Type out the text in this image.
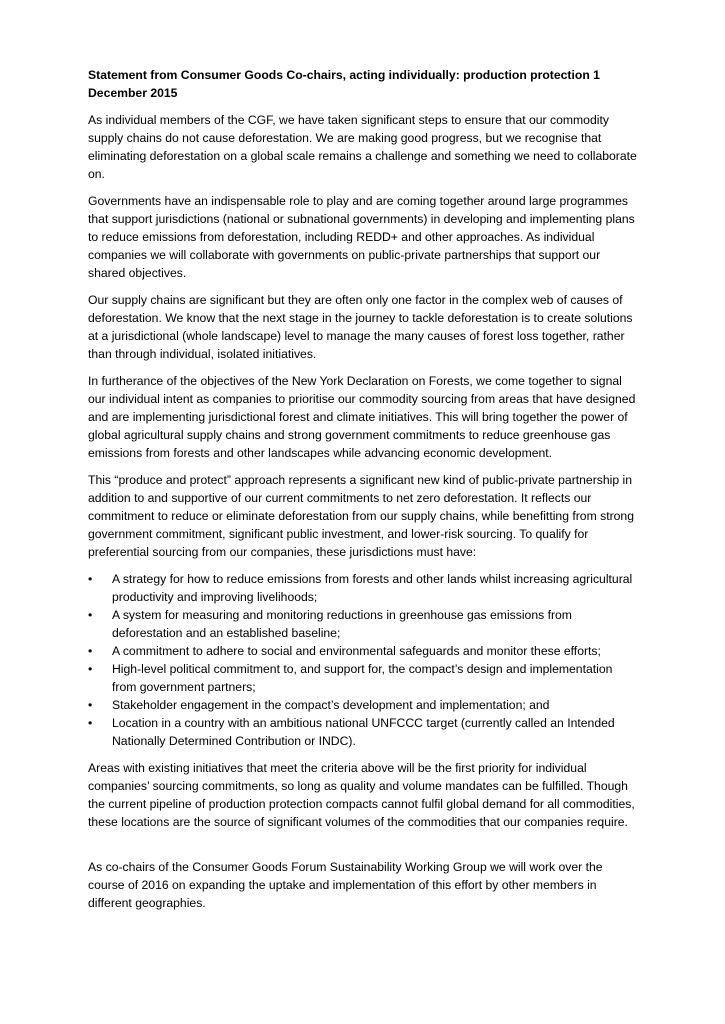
Statement from Consumer Goods Co-chairs, acting individually: production protection 1 December 2015

As individual members of the CGF, we have taken significant steps to ensure that our commodity supply chains do not cause deforestation. We are making good progress, but we recognise that eliminating deforestation on a global scale remains a challenge and something we need to collaborate on.

Governments have an indispensable role to play and are coming together around large programmes that support jurisdictions (national or subnational governments) in developing and implementing plans to reduce emissions from deforestation, including REDD+ and other approaches. As individual companies we will collaborate with governments on public-private partnerships that support our shared objectives.

Our supply chains are significant but they are often only one factor in the complex web of causes of deforestation. We know that the next stage in the journey to tackle deforestation is to create solutions at a jurisdictional (whole landscape) level to manage the many causes of forest loss together, rather than through individual, isolated initiatives.

In furtherance of the objectives of the New York Declaration on Forests, we come together to signal our individual intent as companies to prioritise our commodity sourcing from areas that have designed and are implementing jurisdictional forest and climate initiatives. This will bring together the power of global agricultural supply chains and strong government commitments to reduce greenhouse gas emissions from forests and other landscapes while advancing economic development.

This “produce and protect” approach represents a significant new kind of public-private partnership in addition to and supportive of our current commitments to net zero deforestation. It reflects our commitment to reduce or eliminate deforestation from our supply chains, while benefitting from strong government commitment, significant public investment, and lower-risk sourcing. To qualify for preferential sourcing from our companies, these jurisdictions must have:

•	A strategy for how to reduce emissions from forests and other lands whilst increasing agricultural productivity and improving livelihoods;
•	A system for measuring and monitoring reductions in greenhouse gas emissions from deforestation and an established baseline;
•	A commitment to adhere to social and environmental safeguards and monitor these efforts;
•	High-level political commitment to, and support for, the compact’s design and implementation from government partners;
•	Stakeholder engagement in the compact’s development and implementation; and
•	Location in a country with an ambitious national UNFCCC target (currently called an Intended Nationally Determined Contribution or INDC).

Areas with existing initiatives that meet the criteria above will be the first priority for individual companies’ sourcing commitments, so long as quality and volume mandates can be fulfilled. Though the current pipeline of production protection compacts cannot fulfil global demand for all commodities, these locations are the source of significant volumes of the commodities that our companies require.

As co-chairs of the Consumer Goods Forum Sustainability Working Group we will work over the course of 2016 on expanding the uptake and implementation of this effort by other members in different geographies.
